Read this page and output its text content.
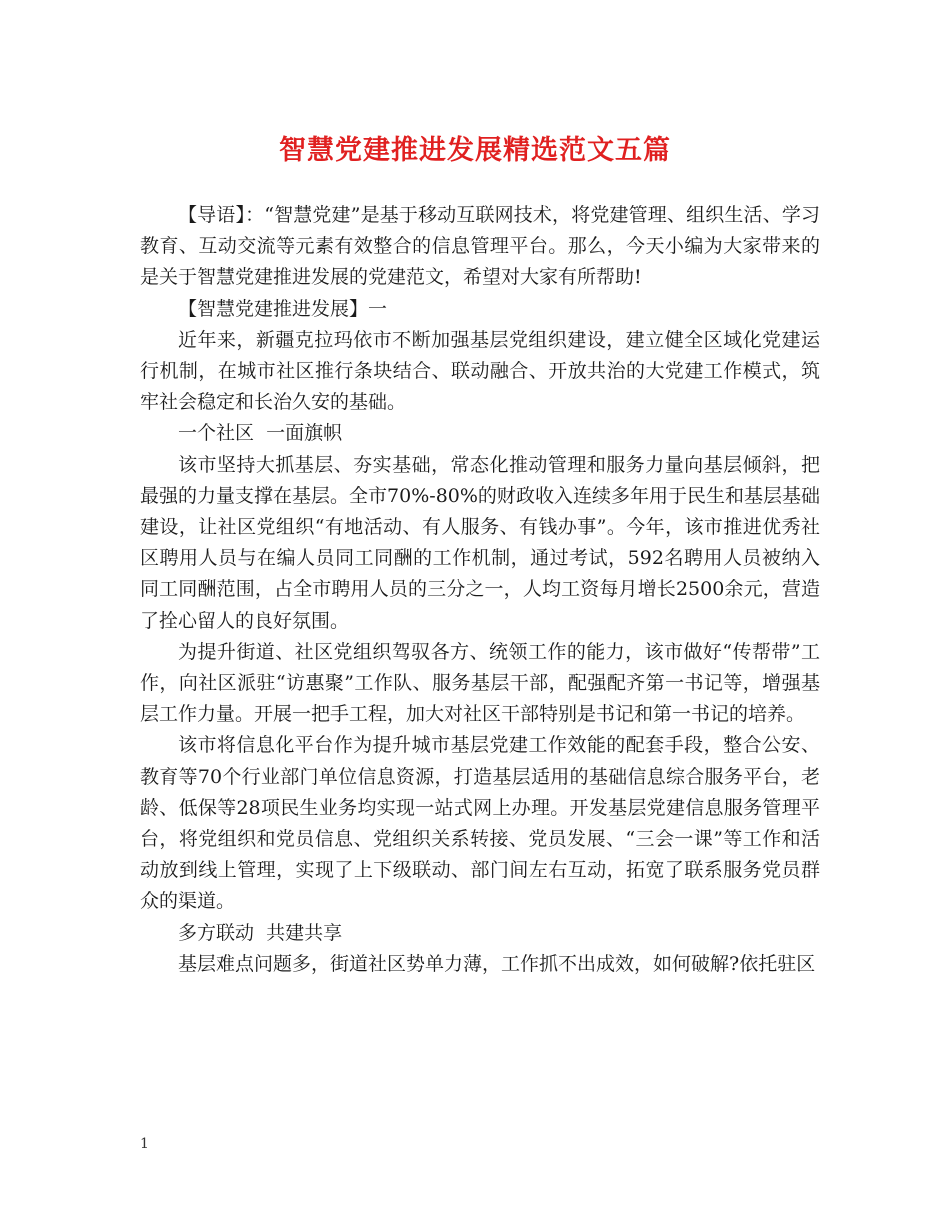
智慧党建推进发展精选范文五篇

【导语】：“智慧党建”是基于移动互联网技术，将党建管理、组织生活、学习教育、互动交流等元素有效整合的信息管理平台。那么，今天小编为大家带来的是关于智慧党建推进发展的党建范文，希望对大家有所帮助!

【智慧党建推进发展】一

近年来，新疆克拉玛依市不断加强基层党组织建设，建立健全区域化党建运行机制，在城市社区推行条块结合、联动融合、开放共治的大党建工作模式，筑牢社会稳定和长治久安的基础。

一个社区  一面旗帜

该市坚持大抓基层、夯实基础，常态化推动管理和服务力量向基层倾斜，把最强的力量支撑在基层。全市70%-80%的财政收入连续多年用于民生和基层基础建设，让社区党组织“有地活动、有人服务、有钱办事”。今年，该市推进优秀社区聘用人员与在编人员同工同酬的工作机制，通过考试，592名聘用人员被纳入同工同酬范围，占全市聘用人员的三分之一，人均工资每月增长2500余元，营造了拴心留人的良好氛围。

为提升街道、社区党组织驾驭各方、统领工作的能力，该市做好“传帮带”工作，向社区派驻“访惠聚”工作队、服务基层干部，配强配齐第一书记等，增强基层工作力量。开展一把手工程，加大对社区干部特别是书记和第一书记的培养。

该市将信息化平台作为提升城市基层党建工作效能的配套手段，整合公安、教育等70个行业部门单位信息资源，打造基层适用的基础信息综合服务平台，老龄、低保等28项民生业务均实现一站式网上办理。开发基层党建信息服务管理平台，将党组织和党员信息、党组织关系转接、党员发展、“三会一课”等工作和活动放到线上管理，实现了上下级联动、部门间左右互动，拓宽了联系服务党员群众的渠道。

多方联动  共建共享

基层难点问题多，街道社区势单力薄，工作抓不出成效，如何破解?依托驻区

1
